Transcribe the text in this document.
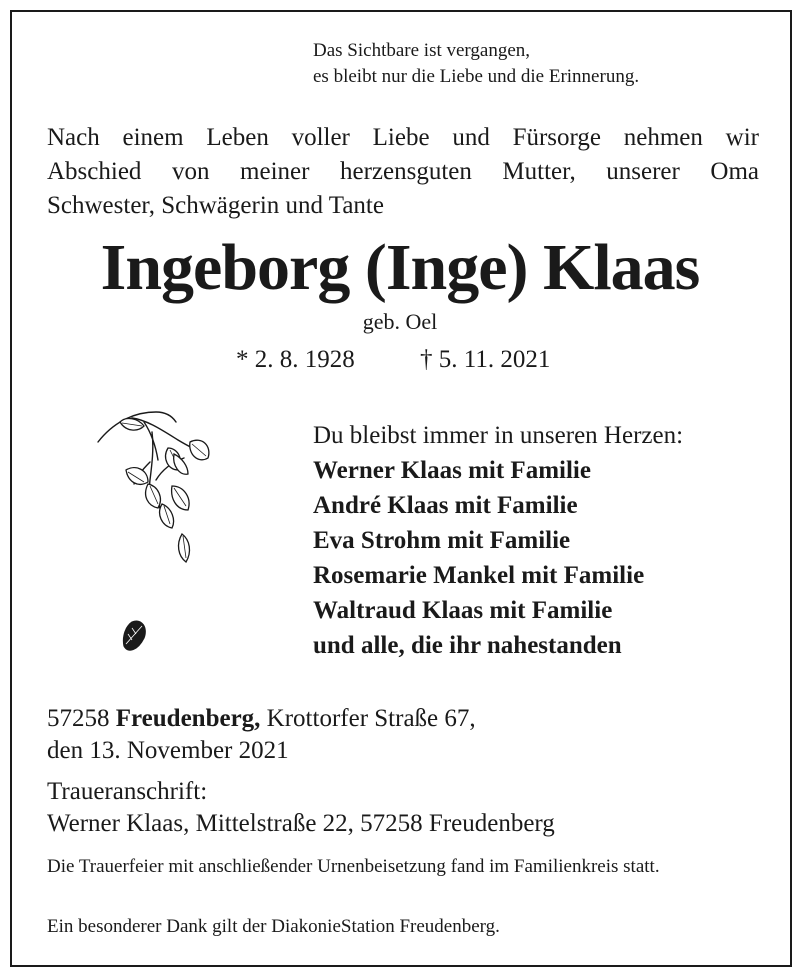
Das Sichtbare ist vergangen,
es bleibt nur die Liebe und die Erinnerung.
Nach einem Leben voller Liebe und Fürsorge nehmen wir
Abschied von meiner herzensguten Mutter, unserer Oma
Schwester, Schwägerin und Tante
Ingeborg (Inge) Klaas
geb. Oel
* 2. 8. 1928	† 5. 11. 2021
Du bleibst immer in unseren Herzen:
Werner Klaas mit Familie
André Klaas mit Familie
Eva Strohm mit Familie
Rosemarie Mankel mit Familie
Waltraud Klaas mit Familie
und alle, die ihr nahestanden
57258 Freudenberg, Krottorfer Straße 67,
den 13. November 2021
Traueranschrift:
Werner Klaas, Mittelstraße 22, 57258 Freudenberg
Die Trauerfeier mit anschließender Urnenbeisetzung fand im Familienkreis statt.
Ein besonderer Dank gilt der DiakonieStation Freudenberg.
